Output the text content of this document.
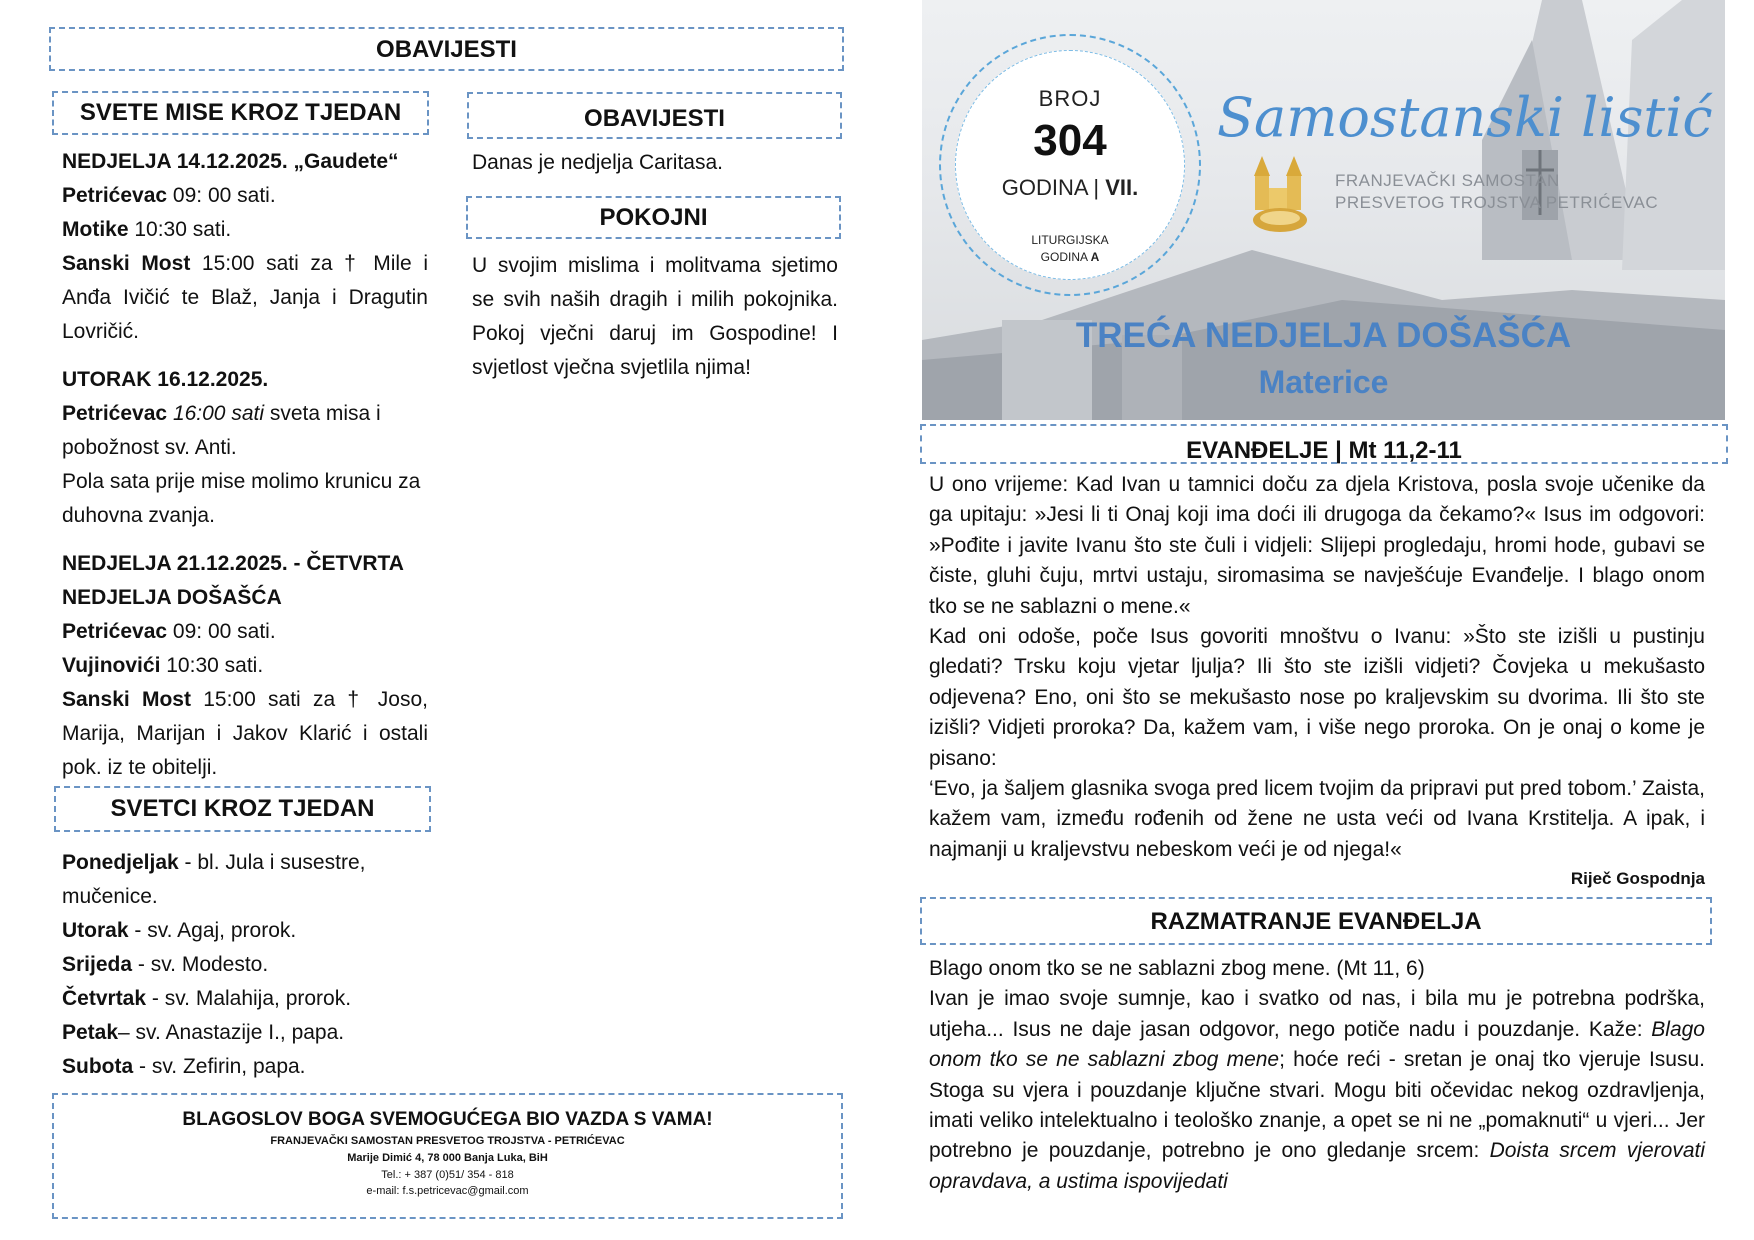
OBAVIJESTI
SVETE MISE KROZ TJEDAN

NEDJELJA 14.12.2025. „Gaudete“

Petrićevac 09: 00 sati.

Motike 10:30 sati.

Sanski Most 15:00 sati za † Mile i Anđa Ivičić te Blaž, Janja i Dragutin Lovričić.

UTORAK 16.12.2025.

Petrićevac 16:00 sati sveta misa i pobožnost sv. Anti.

Pola sata prije mise molimo krunicu za duhovna zvanja.

NEDJELJA 21.12.2025. - ČETVRTA NEDJELJA DOŠAŠĆA

Petrićevac 09: 00 sati.

Vujinovići 10:30 sati.

Sanski Most 15:00 sati za † Joso, Marija, Marijan i Jakov Klarić i ostali pok. iz te obitelji.

SVETCI KROZ TJEDAN

Ponedjeljak - bl. Jula i susestre, mučenice.

Utorak - sv. Agaj, prorok.

Srijeda - sv. Modesto.

Četvrtak - sv. Malahija, prorok.

Petak– sv. Anastazije I., papa.

Subota - sv. Zefirin, papa.

OBAVIJESTI
Danas je nedjelja Caritasa.
POKOJNI
U svojim mislima i molitvama sjetimo se svih naših dragih i milih pokojnika. Pokoj vječni daruj im Gospodine! I svjetlost vječna svjetlila njima!
BLAGOSLOV BOGA SVEMOGUĆEGA BIO VAZDA S VAMA!
FRANJEVAČKI SAMOSTAN PRESVETOG TROJSTVA - PETRIĆEVAC
Marije Dimić 4, 78 000 Banja Luka, BiH
Tel.: + 387 (0)51/ 354 - 818
e-mail: f.s.petricevac@gmail.com
BROJ
304
GODINA | VII.
LITURGIJSKA
GODINA A
Samostanski listić
FRANJEVAČKI SAMOSTAN
PRESVETOG TROJSTVA PETRIĆEVAC
TREĆA NEDJELJA DOŠAŠĆA
Materice
EVANĐELJE | Mt 11,2-11

U ono vrijeme: Kad Ivan u tamnici doču za djela Kristova, posla svoje učenike da ga upitaju: »Jesi li ti Onaj koji ima doći ili drugoga da čekamo?« Isus im odgovori: »Pođite i javite Ivanu što ste čuli i vidjeli: Slijepi progledaju, hromi hode, gubavi se čiste, gluhi čuju, mrtvi ustaju, siromasima se navješćuje Evanđelje. I blago onom tko se ne sablazni o mene.«

Kad oni odoše, poče Isus govoriti mnoštvu o Ivanu: »Što ste izišli u pustinju gledati? Trsku koju vjetar ljulja? Ili što ste izišli vidjeti? Čovjeka u mekušasto odjevena? Eno, oni što se mekušasto nose po kraljevskim su dvorima. Ili što ste izišli? Vidjeti proroka? Da, kažem vam, i više nego proroka. On je onaj o kome je pisano:

‘Evo, ja šaljem glasnika svoga pred licem tvojim da pripravi put pred tobom.’ Zaista, kažem vam, između rođenih od žene ne usta veći od Ivana Krstitelja. A ipak, i najmanji u kraljevstvu nebeskom veći je od njega!«

Riječ Gospodnja
RAZMATRANJE EVANĐELJA

Blago onom tko se ne sablazni zbog mene. (Mt 11, 6)

Ivan je imao svoje sumnje, kao i svatko od nas, i bila mu je potrebna podrška, utjeha... Isus ne daje jasan odgovor, nego potiče nadu i pouzdanje. Kaže: Blago onom tko se ne sablazni zbog mene; hoće reći - sretan je onaj tko vjeruje Isusu. Stoga su vjera i pouzdanje ključne stvari. Mogu biti očevidac nekog ozdravljenja, imati veliko intelektualno i teološko znanje, a opet se ni ne „pomaknuti“ u vjeri... Jer potrebno je pouzdanje, potrebno je ono gledanje srcem: Doista srcem vjerovati opravdava, a ustima ispovijedati
